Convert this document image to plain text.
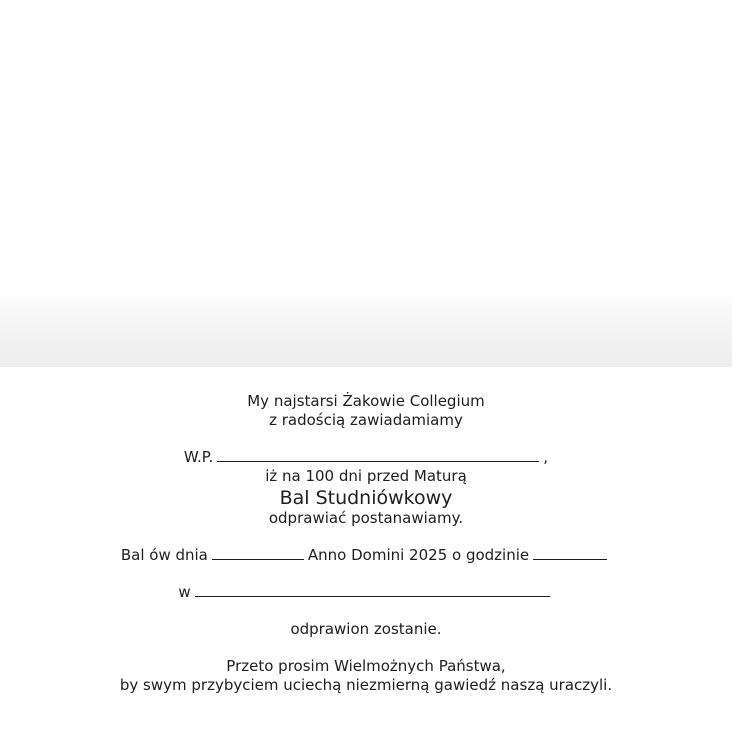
My najstarsi Żakowie Collegium
z radością zawiadamiamy
W.P.	,
iż na 100 dni przed Maturą
Bal Studniówkowy
odprawiać postanawiamy.
Bal ów dnia	Anno Domini 2025 o godzinie
w
odprawion zostanie.
Przeto prosim Wielmożnych Państwa,
by swym przybyciem uciechą niezmierną gawiedź naszą uraczyli.
